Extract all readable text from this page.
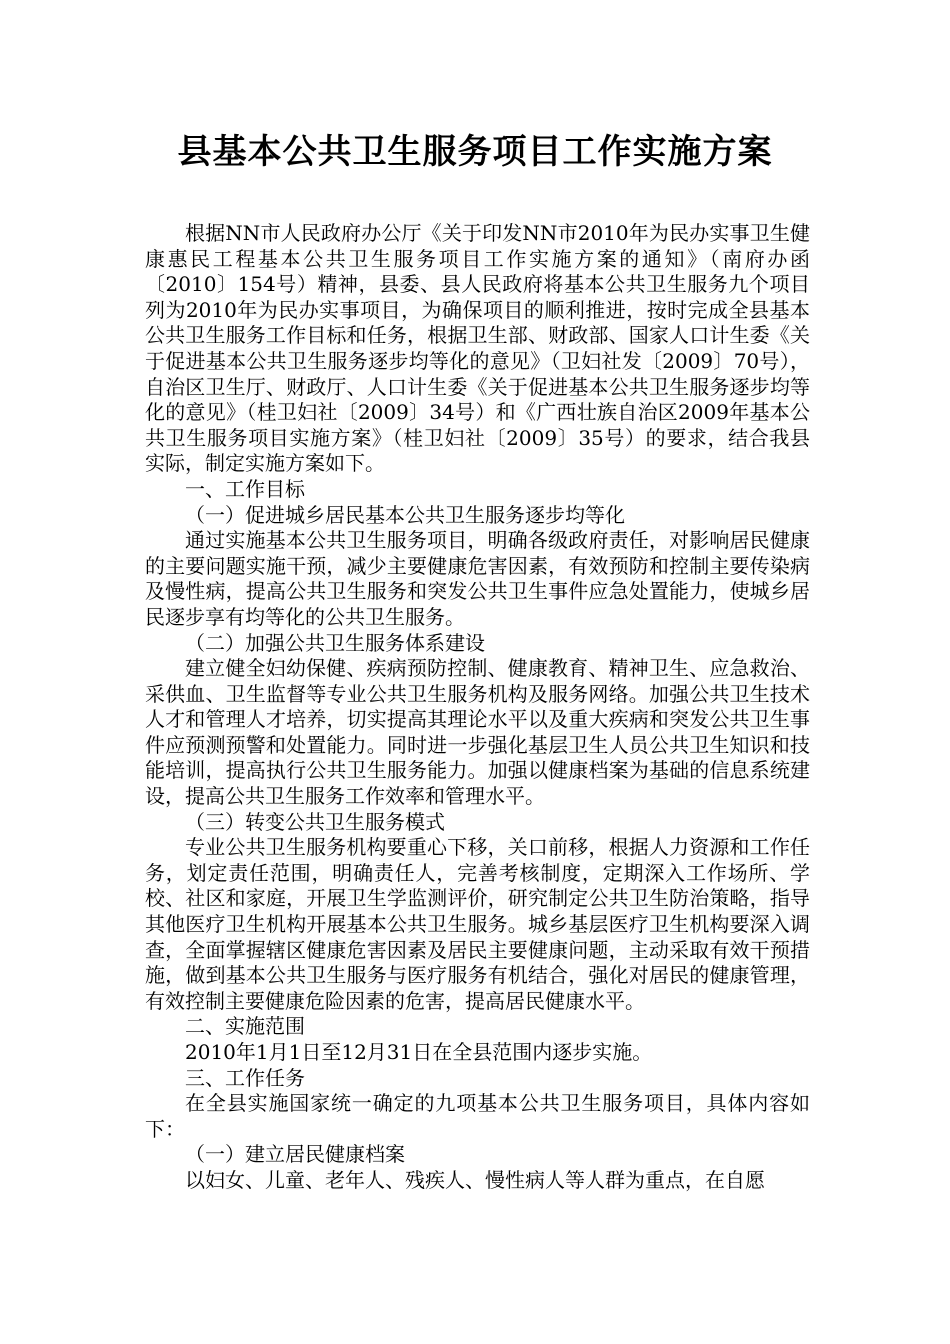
县基本公共卫生服务项目工作实施方案

根据NN市人民政府办公厅《关于印发NN市2010年为民办实事卫生健康惠民工程基本公共卫生服务项目工作实施方案的通知》（南府办函〔2010〕154号）精神，县委、县人民政府将基本公共卫生服务九个项目列为2010年为民办实事项目，为确保项目的顺利推进，按时完成全县基本公共卫生服务工作目标和任务，根据卫生部、财政部、国家人口计生委《关于促进基本公共卫生服务逐步均等化的意见》（卫妇社发〔2009〕70号），自治区卫生厅、财政厅、人口计生委《关于促进基本公共卫生服务逐步均等化的意见》（桂卫妇社〔2009〕34号）和《广西壮族自治区2009年基本公共卫生服务项目实施方案》（桂卫妇社〔2009〕35号）的要求，结合我县实际，制定实施方案如下。

一、工作目标

（一）促进城乡居民基本公共卫生服务逐步均等化

通过实施基本公共卫生服务项目，明确各级政府责任，对影响居民健康的主要问题实施干预，减少主要健康危害因素，有效预防和控制主要传染病及慢性病，提高公共卫生服务和突发公共卫生事件应急处置能力，使城乡居民逐步享有均等化的公共卫生服务。

（二）加强公共卫生服务体系建设

建立健全妇幼保健、疾病预防控制、健康教育、精神卫生、应急救治、采供血、卫生监督等专业公共卫生服务机构及服务网络。加强公共卫生技术人才和管理人才培养，切实提高其理论水平以及重大疾病和突发公共卫生事件应预测预警和处置能力。同时进一步强化基层卫生人员公共卫生知识和技能培训，提高执行公共卫生服务能力。加强以健康档案为基础的信息系统建设，提高公共卫生服务工作效率和管理水平。

（三）转变公共卫生服务模式

专业公共卫生服务机构要重心下移，关口前移，根据人力资源和工作任务，划定责任范围，明确责任人，完善考核制度，定期深入工作场所、学校、社区和家庭，开展卫生学监测评价，研究制定公共卫生防治策略，指导其他医疗卫生机构开展基本公共卫生服务。城乡基层医疗卫生机构要深入调查，全面掌握辖区健康危害因素及居民主要健康问题，主动采取有效干预措施，做到基本公共卫生服务与医疗服务有机结合，强化对居民的健康管理，有效控制主要健康危险因素的危害，提高居民健康水平。

二、实施范围

2010年1月1日至12月31日在全县范围内逐步实施。

三、工作任务

在全县实施国家统一确定的九项基本公共卫生服务项目，具体内容如下：

（一）建立居民健康档案

以妇女、儿童、老年人、残疾人、慢性病人等人群为重点，在自愿
